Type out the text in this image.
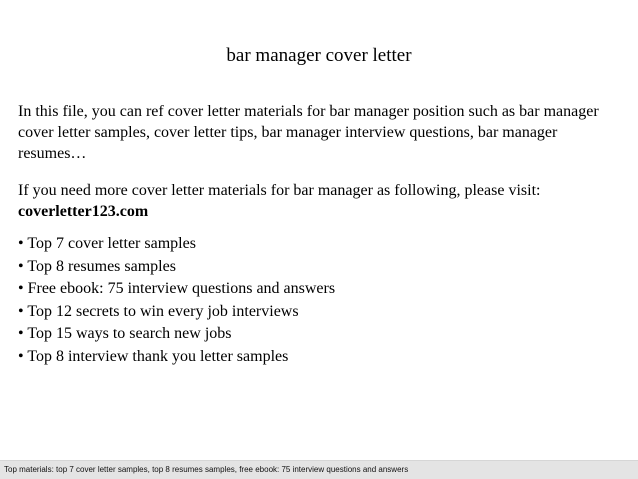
bar manager cover letter

In this file, you can ref cover letter materials for bar manager position such as bar manager cover letter samples, cover letter tips, bar manager interview questions, bar manager resumes…

If you need more cover letter materials for bar manager as following, please visit:
coverletter123.com

• Top 7 cover letter samples
• Top 8 resumes samples
• Free ebook: 75 interview questions and answers
• Top 12 secrets to win every job interviews
• Top 15 ways to search new jobs
• Top 8 interview thank you letter samples
Top materials: top 7 cover letter samples, top 8 resumes samples, free ebook: 75 interview questions and answers
